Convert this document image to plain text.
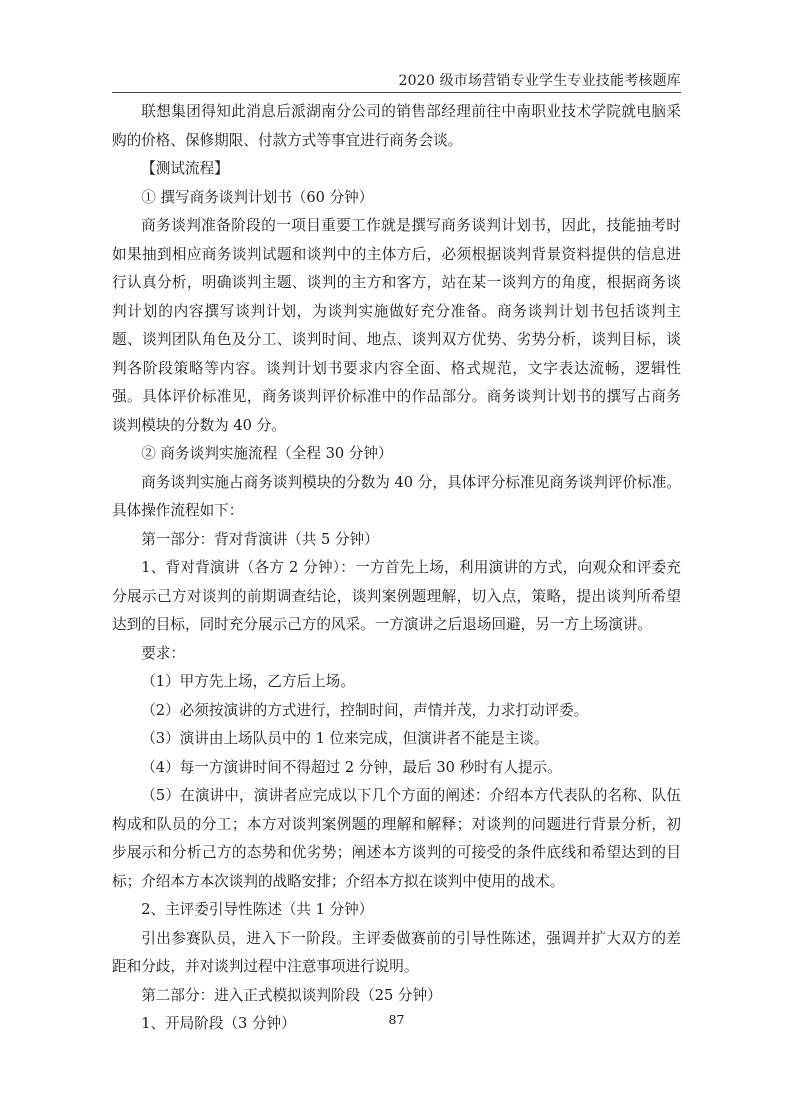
2020 级市场营销专业学生专业技能考核题库

联想集团得知此消息后派湖南分公司的销售部经理前往中南职业技术学院就电脑采购的价格、保修期限、付款方式等事宜进行商务会谈。

【测试流程】

① 撰写商务谈判计划书（60 分钟）

商务谈判准备阶段的一项目重要工作就是撰写商务谈判计划书，因此，技能抽考时如果抽到相应商务谈判试题和谈判中的主体方后，必须根据谈判背景资料提供的信息进行认真分析，明确谈判主题、谈判的主方和客方，站在某一谈判方的角度，根据商务谈判计划的内容撰写谈判计划，为谈判实施做好充分准备。商务谈判计划书包括谈判主题、谈判团队角色及分工、谈判时间、地点、谈判双方优势、劣势分析，谈判目标，谈判各阶段策略等内容。谈判计划书要求内容全面、格式规范，文字表达流畅，逻辑性强。具体评价标准见，商务谈判评价标准中的作品部分。商务谈判计划书的撰写占商务谈判模块的分数为 40 分。

② 商务谈判实施流程（全程 30 分钟）

商务谈判实施占商务谈判模块的分数为 40 分，具体评分标准见商务谈判评价标准。具体操作流程如下：

第一部分：背对背演讲（共 5 分钟）

1、背对背演讲（各方 2 分钟）：一方首先上场，利用演讲的方式，向观众和评委充分展示己方对谈判的前期调查结论，谈判案例题理解，切入点，策略，提出谈判所希望达到的目标，同时充分展示己方的风采。一方演讲之后退场回避，另一方上场演讲。

要求：

（1）甲方先上场，乙方后上场。

（2）必须按演讲的方式进行，控制时间，声情并茂，力求打动评委。

（3）演讲由上场队员中的 1 位来完成，但演讲者不能是主谈。

（4）每一方演讲时间不得超过 2 分钟，最后 30 秒时有人提示。

（5）在演讲中，演讲者应完成以下几个方面的阐述：介绍本方代表队的名称、队伍构成和队员的分工；本方对谈判案例题的理解和解释；对谈判的问题进行背景分析，初步展示和分析己方的态势和优劣势；阐述本方谈判的可接受的条件底线和希望达到的目标；介绍本方本次谈判的战略安排；介绍本方拟在谈判中使用的战术。

2、主评委引导性陈述（共 1 分钟）

引出参赛队员，进入下一阶段。主评委做赛前的引导性陈述，强调并扩大双方的差距和分歧，并对谈判过程中注意事项进行说明。

第二部分：进入正式模拟谈判阶段（25 分钟）

1、开局阶段（3 分钟）	87
